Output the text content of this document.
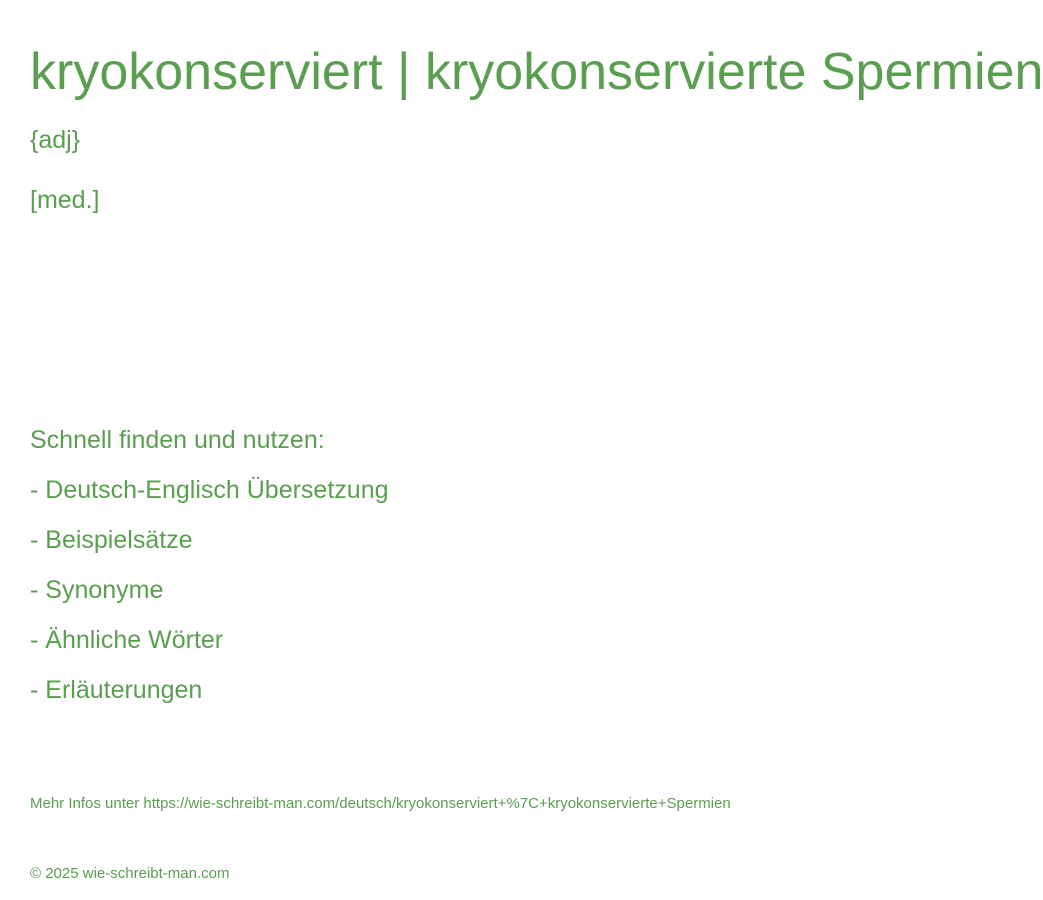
kryokonserviert | kryokonservierte Spermien
{adj}
[med.]
Schnell finden und nutzen:
- Deutsch-Englisch Übersetzung
- Beispielsätze
- Synonyme
- Ähnliche Wörter
- Erläuterungen
Mehr Infos unter https://wie-schreibt-man.com/deutsch/kryokonserviert+%7C+kryokonservierte+Spermien
© 2025 wie-schreibt-man.com
